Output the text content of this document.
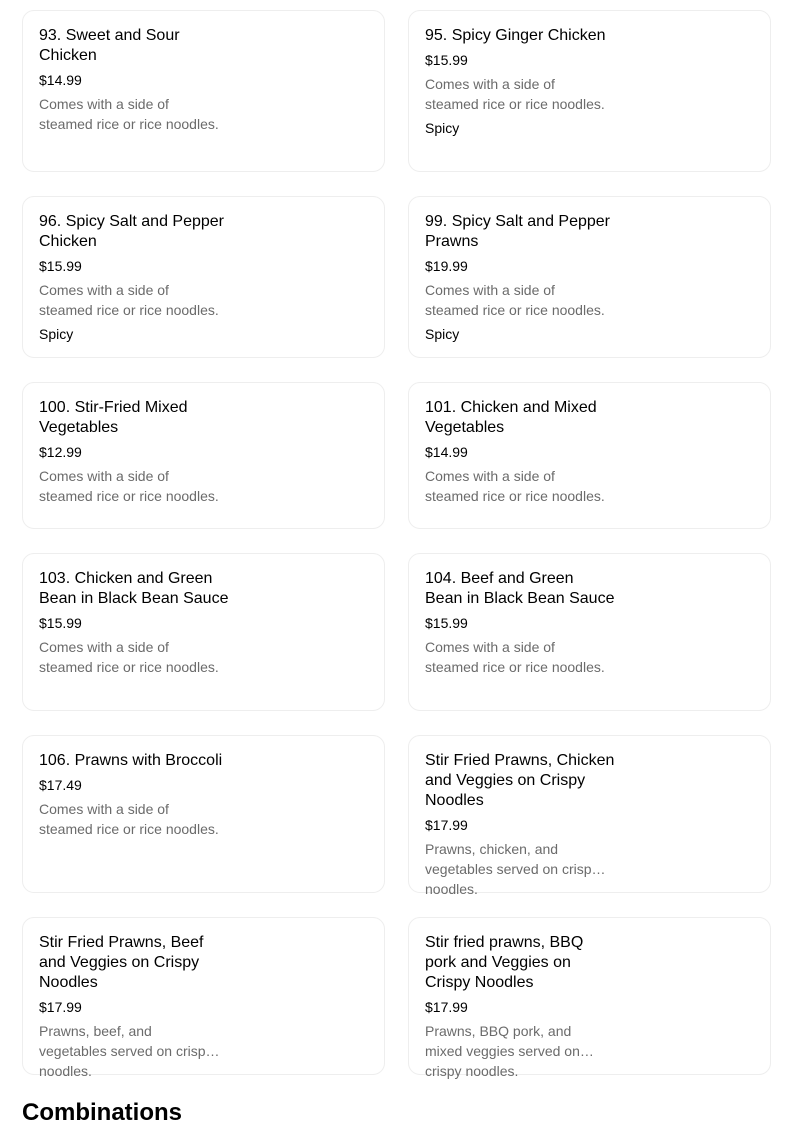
93. Sweet and Sour Chicken
$14.99
Comes with a side of steamed rice or rice noodles.
95. Spicy Ginger Chicken
$15.99
Comes with a side of steamed rice or rice noodles.
Spicy
96. Spicy Salt and Pepper Chicken
$15.99
Comes with a side of steamed rice or rice noodles.
Spicy
99. Spicy Salt and Pepper Prawns
$19.99
Comes with a side of steamed rice or rice noodles.
Spicy
100. Stir-Fried Mixed Vegetables
$12.99
Comes with a side of steamed rice or rice noodles.
101. Chicken and Mixed Vegetables
$14.99
Comes with a side of steamed rice or rice noodles.
103. Chicken and Green Bean in Black Bean Sauce
$15.99
Comes with a side of steamed rice or rice noodles.
104. Beef and Green Bean in Black Bean Sauce
$15.99
Comes with a side of steamed rice or rice noodles.
106. Prawns with Broccoli
$17.49
Comes with a side of steamed rice or rice noodles.
Stir Fried Prawns, Chicken and Veggies on Crispy Noodles
$17.99
Prawns, chicken, and vegetables served on crispy noodles.
Stir Fried Prawns, Beef and Veggies on Crispy Noodles
$17.99
Prawns, beef, and vegetables served on crispy noodles.
Stir fried prawns, BBQ pork and Veggies on Crispy Noodles
$17.99
Prawns, BBQ pork, and mixed veggies served on crispy noodles.
Combinations
